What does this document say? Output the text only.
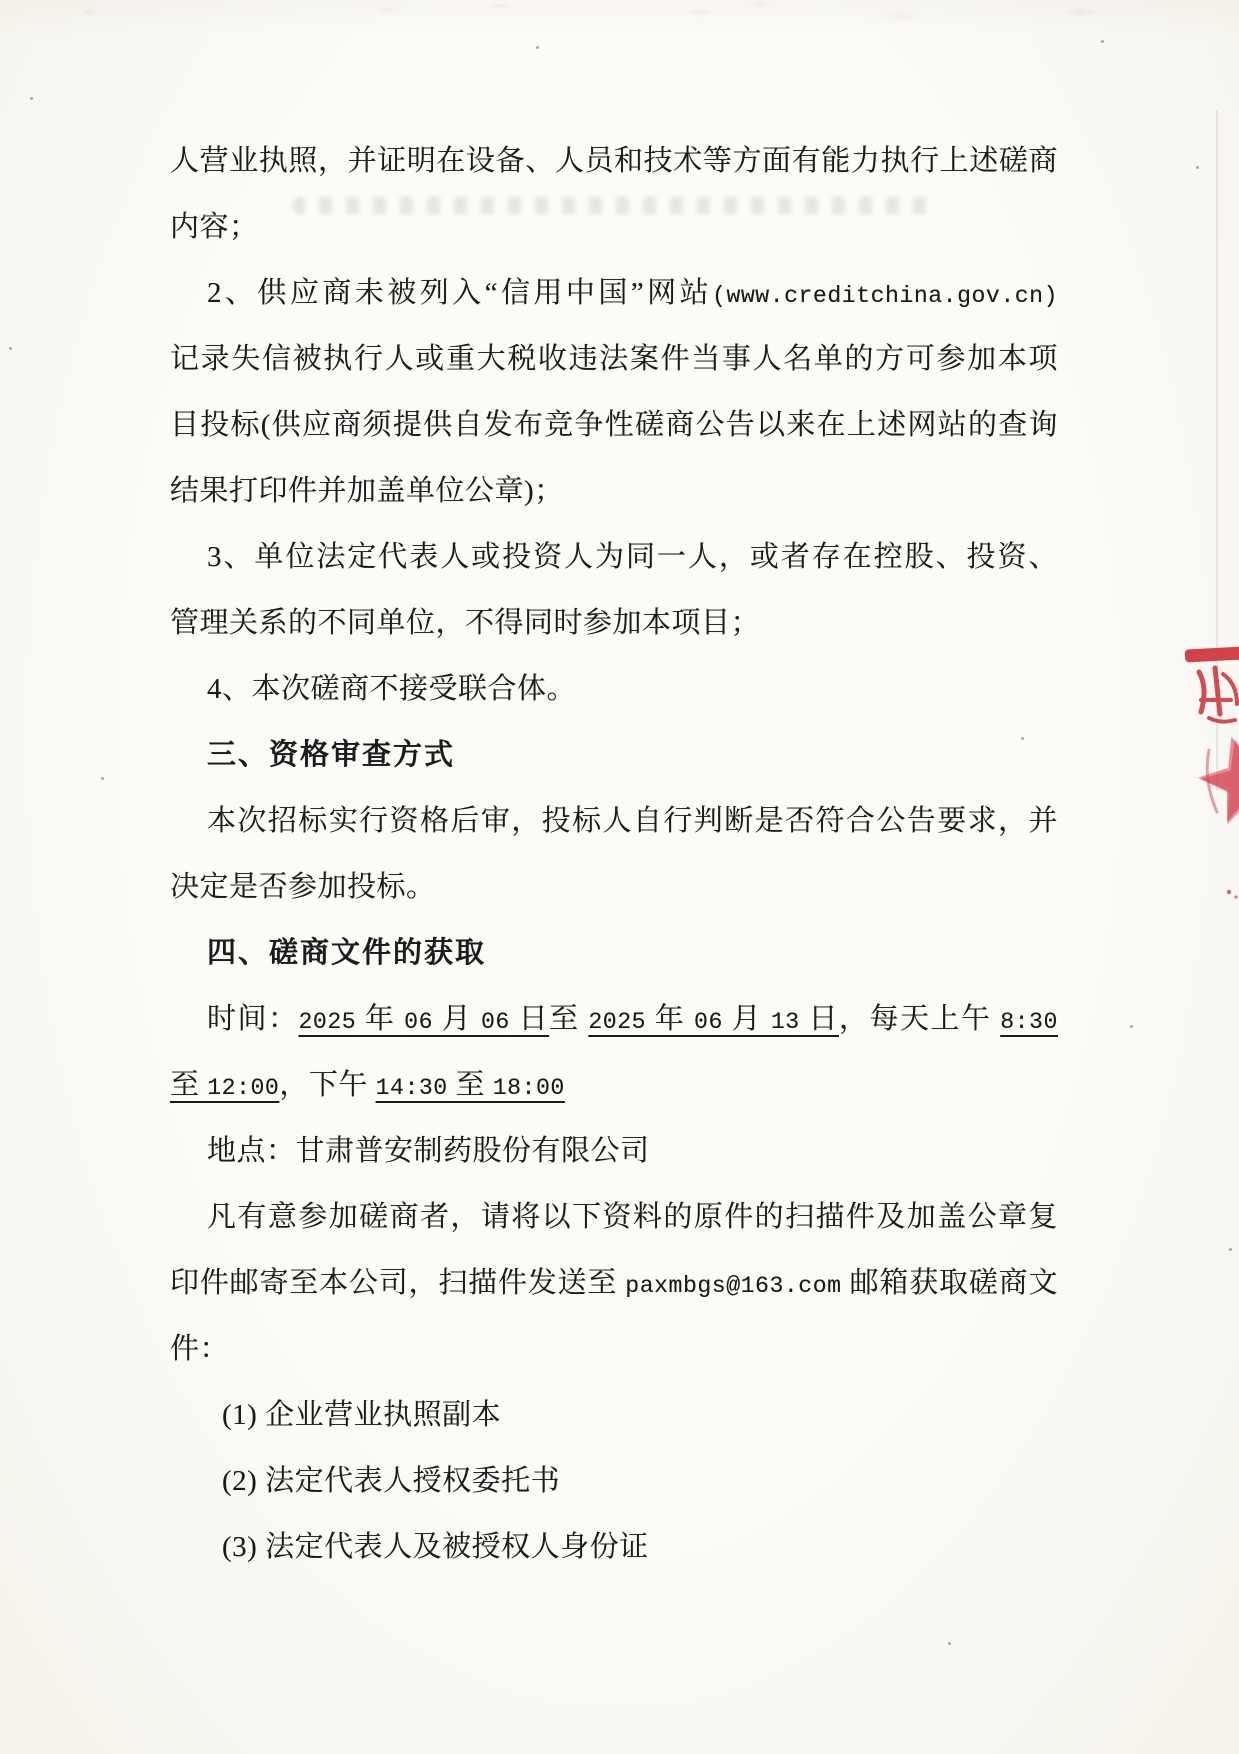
人营业执照，并证明在设备、人员和技术等方面有能力执行上述磋商
内容；
2、供应商未被列入“信用中国”网站(www.creditchina.gov.cn)
记录失信被执行人或重大税收违法案件当事人名单的方可参加本项
目投标(供应商须提供自发布竞争性磋商公告以来在上述网站的查询
结果打印件并加盖单位公章)；
3、单位法定代表人或投资人为同一人，或者存在控股、投资、
管理关系的不同单位，不得同时参加本项目；
4、本次磋商不接受联合体。
三、资格审查方式
本次招标实行资格后审，投标人自行判断是否符合公告要求，并
决定是否参加投标。
四、磋商文件的获取
时间：2025 年 06 月 06 日至 2025 年 06 月 13 日，每天上午 8:30
至 12:00，下午 14:30 至 18:00
地点：甘肃普安制药股份有限公司
凡有意参加磋商者，请将以下资料的原件的扫描件及加盖公章复
印件邮寄至本公司，扫描件发送至 paxmbgs@163.com 邮箱获取磋商文
件：
(1) 企业营业执照副本
(2) 法定代表人授权委托书
(3) 法定代表人及被授权人身份证
